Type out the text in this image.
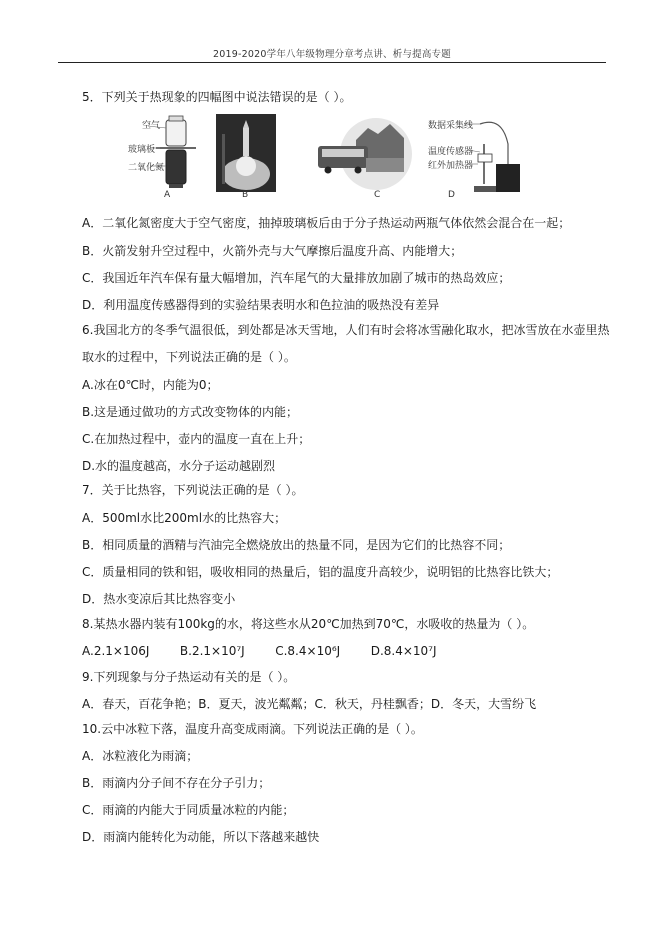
2019-2020学年八年级物理分章考点讲、析与提高专题
5．下列关于热现象的四幅图中说法错误的是（ ）。
空气
玻璃板
二氧化氮
A	B	C
数据采集线
温度传感器
红外加热器
D
A．二氧化氮密度大于空气密度，抽掉玻璃板后由于分子热运动两瓶气体依然会混合在一起；
B．火箭发射升空过程中，火箭外壳与大气摩擦后温度升高、内能增大；
C．我国近年汽车保有量大幅增加，汽车尾气的大量排放加剧了城市的热岛效应；
D．利用温度传感器得到的实验结果表明水和色拉油的吸热没有差异
6.我国北方的冬季气温很低，到处都是冰天雪地，人们有时会将冰雪融化取水，把冰雪放在水壶里热
取水的过程中，下列说法正确的是（ ）。
A.冰在0℃时，内能为0；
B.这是通过做功的方式改变物体的内能；
C.在加热过程中，壶内的温度一直在上升；
D.水的温度越高，水分子运动越剧烈
7．关于比热容，下列说法正确的是（ ）。
A．500ml水比200ml水的比热容大；
B．相同质量的酒精与汽油完全燃烧放出的热量不同，是因为它们的比热容不同；
C．质量相同的铁和铝，吸收相同的热量后，铝的温度升高较少，说明铝的比热容比铁大；
D．热水变凉后其比热容变小
8.某热水器内装有100kg的水，将这些水从20℃加热到70℃，水吸收的热量为（ ）。
A.2.1×106J        B.2.1×10⁷J        C.8.4×10⁶J        D.8.4×10⁷J
9.下列现象与分子热运动有关的是（ ）。
A．春天，百花争艳；B．夏天，波光粼粼；C．秋天，丹桂飘香；D．冬天，大雪纷飞
10.云中冰粒下落，温度升高变成雨滴。下列说法正确的是（ ）。
A．冰粒液化为雨滴；
B．雨滴内分子间不存在分子引力；
C．雨滴的内能大于同质量冰粒的内能；
D．雨滴内能转化为动能，所以下落越来越快
